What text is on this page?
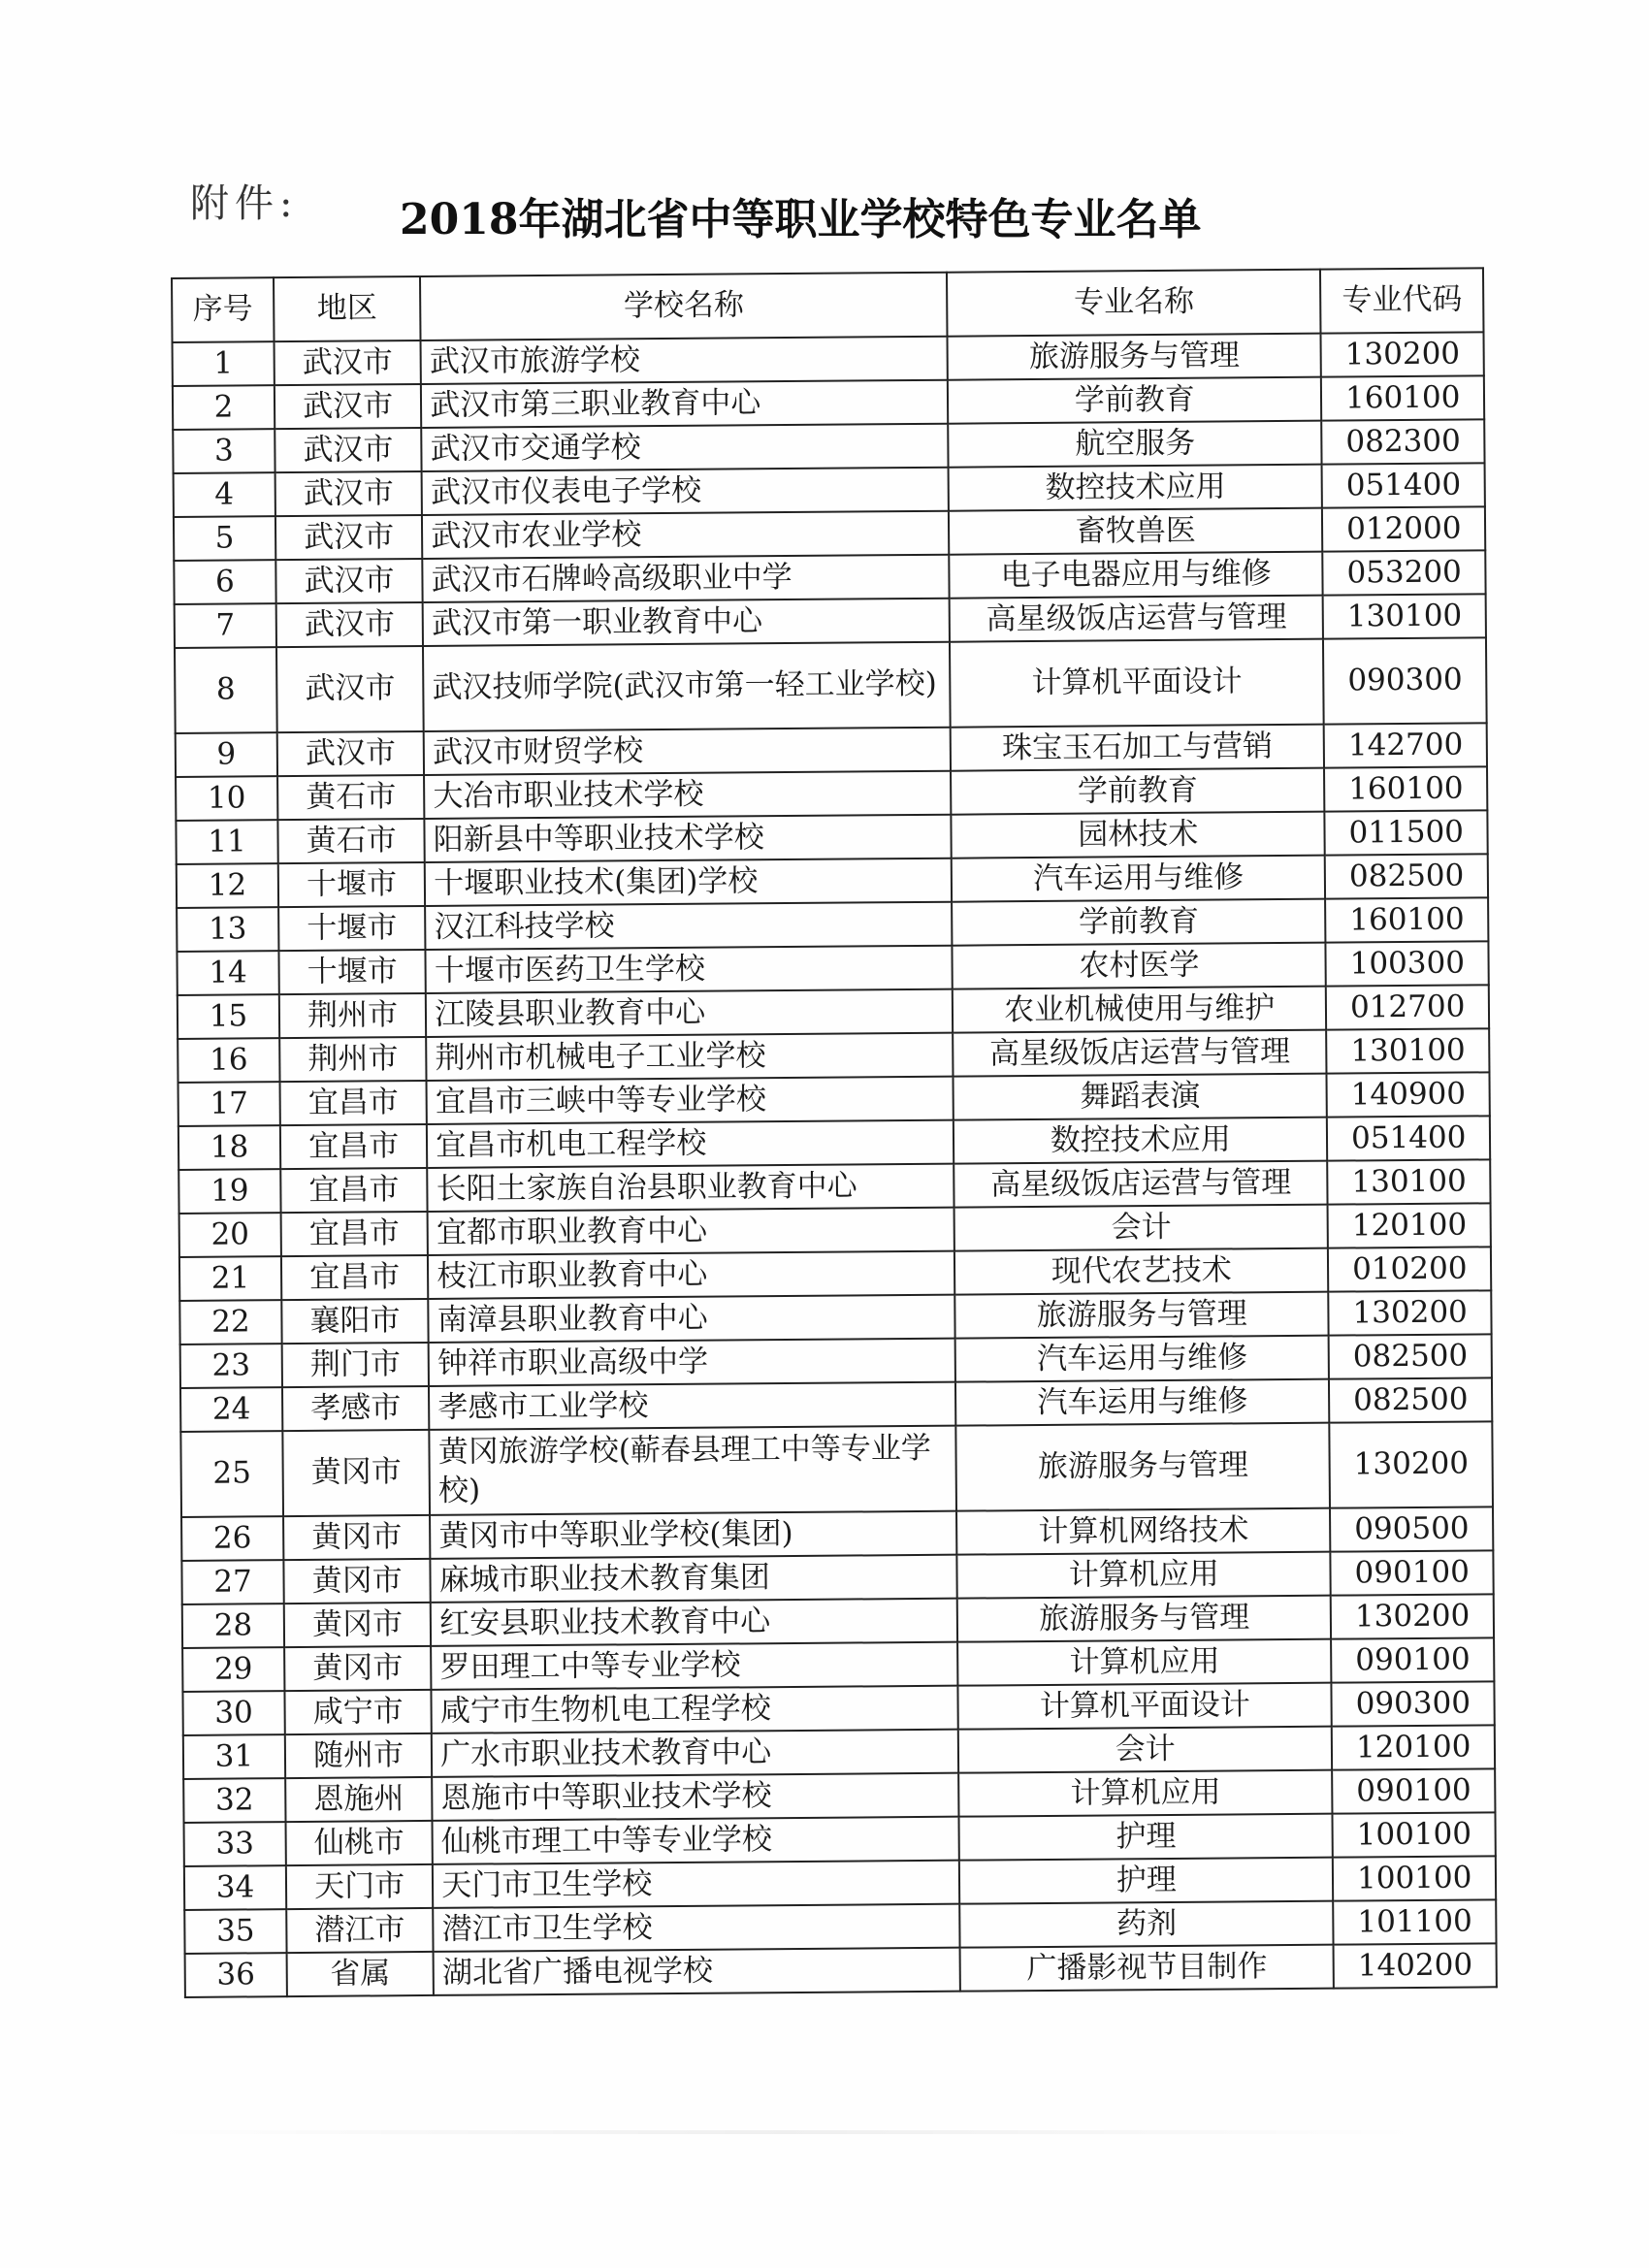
附件: 2018年湖北省中等职业学校特色专业名单
序号	地区	学校名称	专业名称	专业代码
1	武汉市	武汉市旅游学校	旅游服务与管理	130200
2	武汉市	武汉市第三职业教育中心	学前教育	160100
3	武汉市	武汉市交通学校	航空服务	082300
4	武汉市	武汉市仪表电子学校	数控技术应用	051400
5	武汉市	武汉市农业学校	畜牧兽医	012000
6	武汉市	武汉市石牌岭高级职业中学	电子电器应用与维修	053200
7	武汉市	武汉市第一职业教育中心	高星级饭店运营与管理	130100
8	武汉市	武汉技师学院(武汉市第一轻工业学校)	计算机平面设计	090300
9	武汉市	武汉市财贸学校	珠宝玉石加工与营销	142700
10	黄石市	大冶市职业技术学校	学前教育	160100
11	黄石市	阳新县中等职业技术学校	园林技术	011500
12	十堰市	十堰职业技术(集团)学校	汽车运用与维修	082500
13	十堰市	汉江科技学校	学前教育	160100
14	十堰市	十堰市医药卫生学校	农村医学	100300
15	荆州市	江陵县职业教育中心	农业机械使用与维护	012700
16	荆州市	荆州市机械电子工业学校	高星级饭店运营与管理	130100
17	宜昌市	宜昌市三峡中等专业学校	舞蹈表演	140900
18	宜昌市	宜昌市机电工程学校	数控技术应用	051400
19	宜昌市	长阳土家族自治县职业教育中心	高星级饭店运营与管理	130100
20	宜昌市	宜都市职业教育中心	会计	120100
21	宜昌市	枝江市职业教育中心	现代农艺技术	010200
22	襄阳市	南漳县职业教育中心	旅游服务与管理	130200
23	荆门市	钟祥市职业高级中学	汽车运用与维修	082500
24	孝感市	孝感市工业学校	汽车运用与维修	082500
25	黄冈市	黄冈旅游学校(蕲春县理工中等专业学校)	旅游服务与管理	130200
26	黄冈市	黄冈市中等职业学校(集团)	计算机网络技术	090500
27	黄冈市	麻城市职业技术教育集团	计算机应用	090100
28	黄冈市	红安县职业技术教育中心	旅游服务与管理	130200
29	黄冈市	罗田理工中等专业学校	计算机应用	090100
30	咸宁市	咸宁市生物机电工程学校	计算机平面设计	090300
31	随州市	广水市职业技术教育中心	会计	120100
32	恩施州	恩施市中等职业技术学校	计算机应用	090100
33	仙桃市	仙桃市理工中等专业学校	护理	100100
34	天门市	天门市卫生学校	护理	100100
35	潜江市	潜江市卫生学校	药剂	101100
36	省属	湖北省广播电视学校	广播影视节目制作	140200
